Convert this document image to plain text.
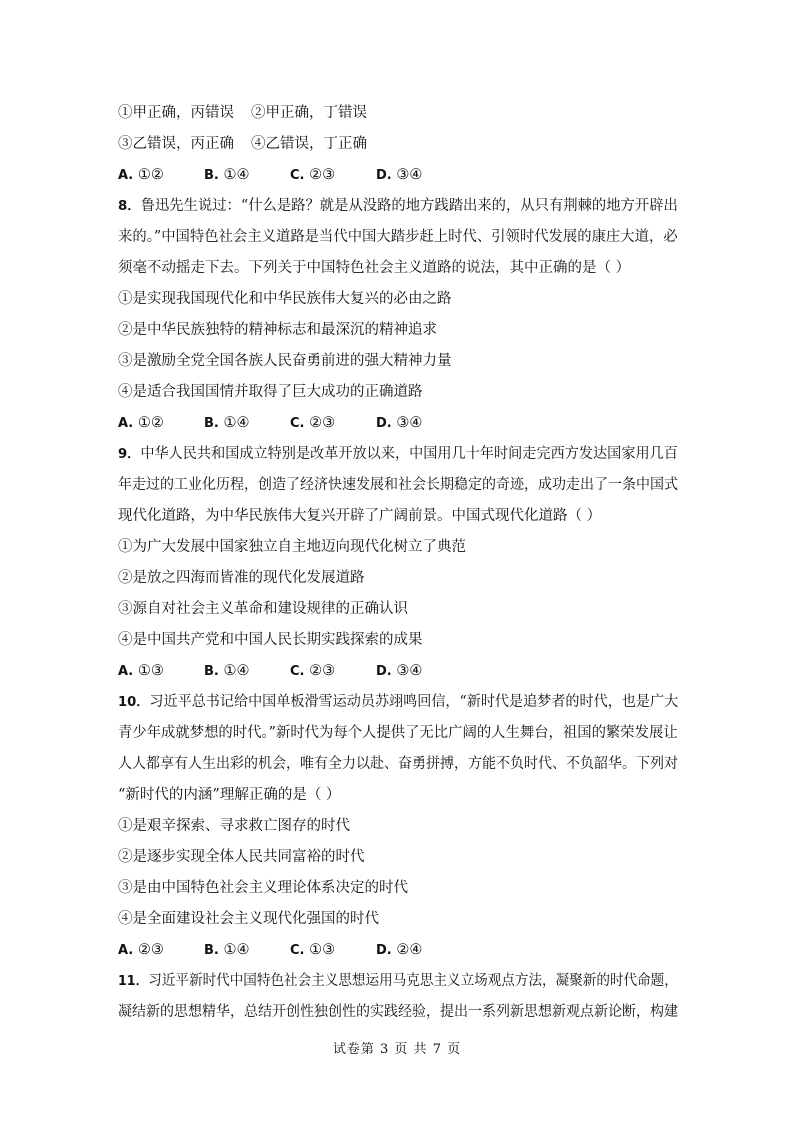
①甲正确，丙错误	②甲正确，丁错误
③乙错误，丙正确	④乙错误，丁正确
A. ①②	B. ①④	C. ②③	D. ③④
8．鲁迅先生说过：“什么是路？就是从没路的地方践踏出来的，从只有荆棘的地方开辟出
来的。”中国特色社会主义道路是当代中国大踏步赶上时代、引领时代发展的康庄大道，必
须毫不动摇走下去。下列关于中国特色社会主义道路的说法，其中正确的是（ ）
①是实现我国现代化和中华民族伟大复兴的必由之路
②是中华民族独特的精神标志和最深沉的精神追求
③是激励全党全国各族人民奋勇前进的强大精神力量
④是适合我国国情并取得了巨大成功的正确道路
A. ①②	B. ①④	C. ②③	D. ③④
9．中华人民共和国成立特别是改革开放以来，中国用几十年时间走完西方发达国家用几百
年走过的工业化历程，创造了经济快速发展和社会长期稳定的奇迹，成功走出了一条中国式
现代化道路，为中华民族伟大复兴开辟了广阔前景。中国式现代化道路（ ）
①为广大发展中国家独立自主地迈向现代化树立了典范
②是放之四海而皆准的现代化发展道路
③源自对社会主义革命和建设规律的正确认识
④是中国共产党和中国人民长期实践探索的成果
A. ①③	B. ①④	C. ②③	D. ③④
10．习近平总书记给中国单板滑雪运动员苏翊鸣回信，“新时代是追梦者的时代，也是广大
青少年成就梦想的时代。”新时代为每个人提供了无比广阔的人生舞台，祖国的繁荣发展让
人人都享有人生出彩的机会，唯有全力以赴、奋勇拼搏，方能不负时代、不负韶华。下列对
“新时代的内涵”理解正确的是（ ）
①是艰辛探索、寻求救亡图存的时代
②是逐步实现全体人民共同富裕的时代
③是由中国特色社会主义理论体系决定的时代
④是全面建设社会主义现代化强国的时代
A. ②③	B. ①④	C. ①③	D. ②④
11．习近平新时代中国特色社会主义思想运用马克思主义立场观点方法，凝聚新的时代命题，
凝结新的思想精华，总结开创性独创性的实践经验，提出一系列新思想新观点新论断，构建
试卷第 3 页 共 7 页
